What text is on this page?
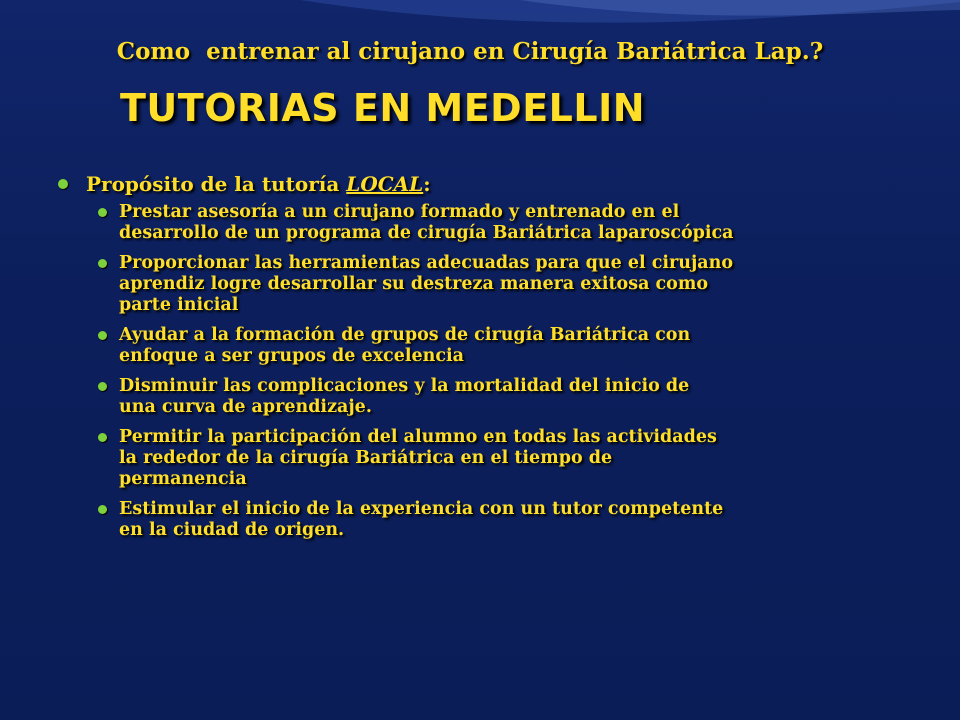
Como  entrenar al cirujano en Cirugía Bariátrica Lap.?
TUTORIAS EN MEDELLIN
Propósito de la tutoría LOCAL:
Prestar asesoría a un cirujano formado y entrenado en el
desarrollo de un programa de cirugía Bariátrica laparoscópica
Proporcionar las herramientas adecuadas para que el cirujano
aprendiz logre desarrollar su destreza manera exitosa como
parte inicial
Ayudar a la formación de grupos de cirugía Bariátrica con
enfoque a ser grupos de excelencia
Disminuir las complicaciones y la mortalidad del inicio de
una curva de aprendizaje.
Permitir la participación del alumno en todas las actividades
la rededor de la cirugía Bariátrica en el tiempo de
permanencia
Estimular el inicio de la experiencia con un tutor competente
en la ciudad de origen.
